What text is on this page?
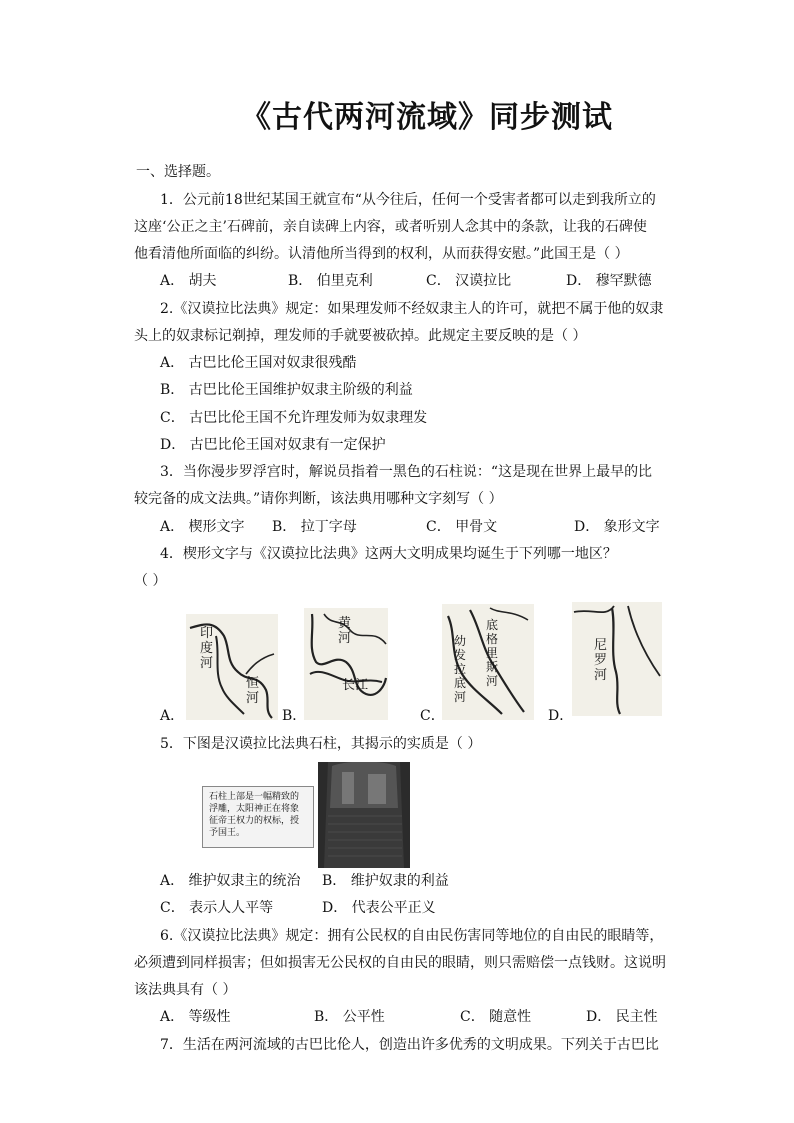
《古代两河流域》同步测试
一、选择题。
1．公元前18世纪某国王就宣布“从今往后，任何一个受害者都可以走到我所立的
这座‘公正之主’石碑前，亲自读碑上内容，或者听别人念其中的条款，让我的石碑使
他看清他所面临的纠纷。认清他所当得到的权利，从而获得安慰。”此国王是（ ）
A． 胡夫	B． 伯里克利	C． 汉谟拉比	D． 穆罕默德
2.《汉谟拉比法典》规定：如果理发师不经奴隶主人的许可，就把不属于他的奴隶
头上的奴隶标记剃掉，理发师的手就要被砍掉。此规定主要反映的是（ ）
A． 古巴比伦王国对奴隶很残酷
B． 古巴比伦王国维护奴隶主阶级的利益
C． 古巴比伦王国不允许理发师为奴隶理发
D． 古巴比伦王国对奴隶有一定保护
3．当你漫步罗浮宫时，解说员指着一黑色的石柱说：“这是现在世界上最早的比
较完备的成文法典。”请你判断，该法典用哪种文字刻写（ ）
A． 楔形文字 B． 拉丁字母	C． 甲骨文	D． 象形文字
4．楔形文字与《汉谟拉比法典》这两大文明成果均诞生于下列哪一地区？
（ ）
印度河
恒河
A．
黄河
长江
B．
幼发拉底河
底格里斯河
C．
尼罗河
D．
5．下图是汉谟拉比法典石柱，其揭示的实质是（ ）
石柱上部是一幅精致的浮雕，太阳神正在将象征帝王权力的权标，授予国王。
A． 维护奴隶主的统治 B． 维护奴隶的利益
C． 表示人人平等	D． 代表公平正义
6.《汉谟拉比法典》规定：拥有公民权的自由民伤害同等地位的自由民的眼睛等，
必须遭到同样损害；但如损害无公民权的自由民的眼睛，则只需赔偿一点钱财。这说明
该法典具有（ ）
A． 等级性	B． 公平性	C． 随意性	D． 民主性
7．生活在两河流域的古巴比伦人，创造出许多优秀的文明成果。下列关于古巴比
